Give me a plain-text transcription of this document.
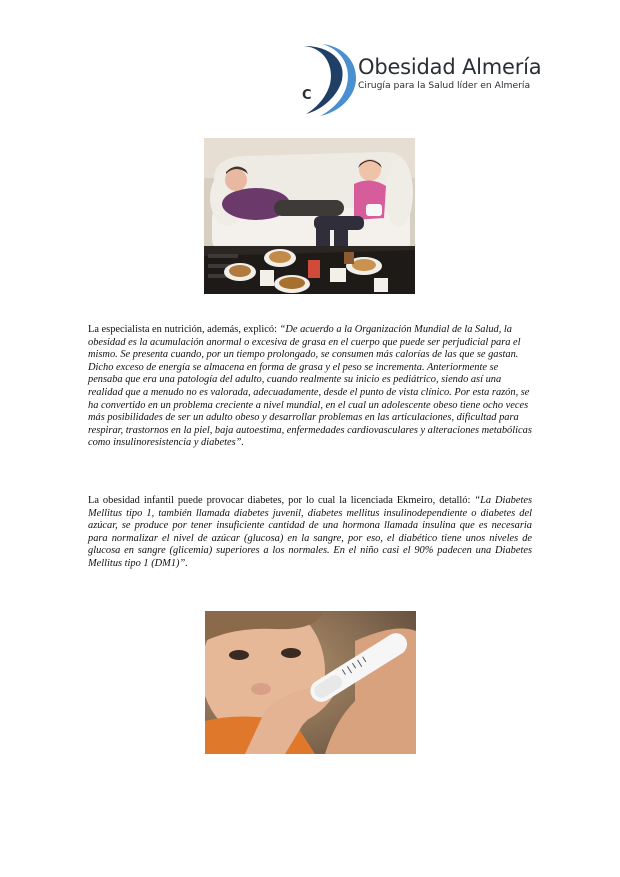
C
Obesidad Almería
Cirugía para la Salud líder en Almería

La especialista en nutrición, además, explicó: “De acuerdo a la Organización Mundial de la Salud, la obesidad es la acumulación anormal o excesiva de grasa en el cuerpo que puede ser perjudicial para el mismo. Se presenta cuando, por un tiempo prolongado, se consumen más calorías de las que se gastan. Dicho exceso de energía se almacena en forma de grasa y el peso se incrementa. Anteriormente se pensaba que era una patología del adulto, cuando realmente su inicio es pediátrico, siendo así una realidad que a menudo no es valorada, adecuadamente, desde el punto de vista clínico. Por esta razón, se ha convertido en un problema creciente a nivel mundial, en el cual un adolescente obeso tiene ocho veces más posibilidades de ser un adulto obeso y desarrollar problemas en las articulaciones, dificultad para respirar, trastornos en la piel, baja autoestima, enfermedades cardiovasculares y alteraciones metabólicas como insulinoresistencia y diabetes”.

La obesidad infantil puede provocar diabetes, por lo cual la licenciada Ekmeiro, detalló: “La Diabetes Mellitus tipo 1, también llamada diabetes juvenil, diabetes mellitus insulinodependiente o diabetes del azúcar, se produce por tener insuficiente cantidad de una hormona llamada insulina que es necesaria para normalizar el nivel de azúcar (glucosa) en la sangre, por eso, el diabético tiene unos niveles de glucosa en sangre (glicemia) superiores a los normales. En el niño casi el 90% padecen una Diabetes Mellitus tipo 1 (DM1)”.
